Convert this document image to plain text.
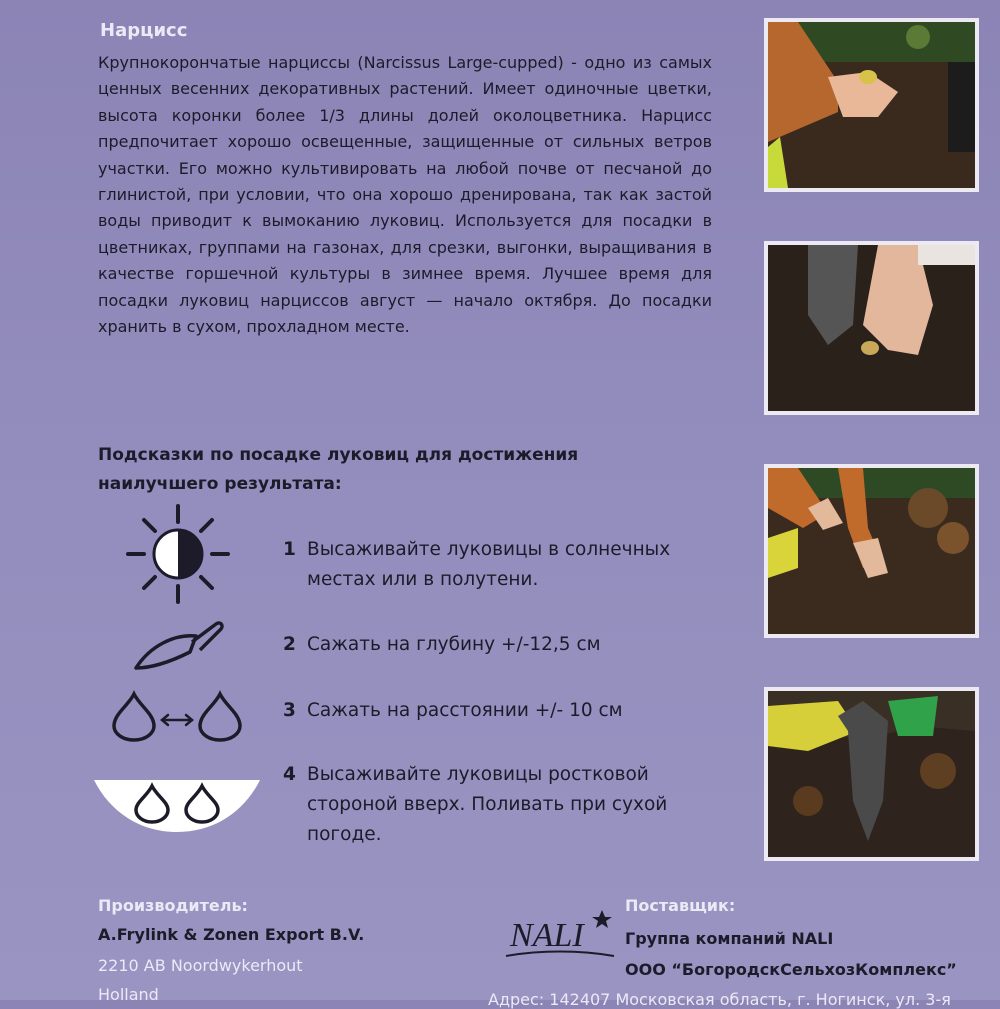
Нарцисс
Крупнокорончатые нарциссы (Narcissus Large-cupped) - одно из самых ценных весенних декоративных растений. Имеет одиночные цветки, высота коронки более 1/3 длины долей околоцветника. Нарцисс предпочитает хорошо освещенные, защищенные от сильных ветров участки. Его можно культивировать на любой почве от песчаной до глинистой, при условии, что она хорошо дренирована, так как застой воды приводит к вымоканию луковиц. Используется для посадки в цветниках, группами на газонах, для срезки, выгонки, выращивания в качестве горшечной культуры в зимнее время. Лучшее время для посадки луковиц нарциссов август — начало октября. До посадки хранить в сухом, прохладном месте.
Подсказки по посадке луковиц для достижения наилучшего результата:
1 Высаживайте луковицы в солнечных местах или в полутени.
2 Сажать на глубину +/-12,5 см
3 Сажать на расстоянии +/- 10 см
4 Высаживайте луковицы ростковой стороной вверх. Поливать при сухой погоде.
Производитель:
A.Frylink & Zonen Export B.V.
2210 AB Noordwykerhout
Holland
NALI
Поставщик:
Группа компаний NALI
ООО “БогородскСельхозКомплекс”
Адрес: 142407 Московская область, г. Ногинск, ул. 3-я
